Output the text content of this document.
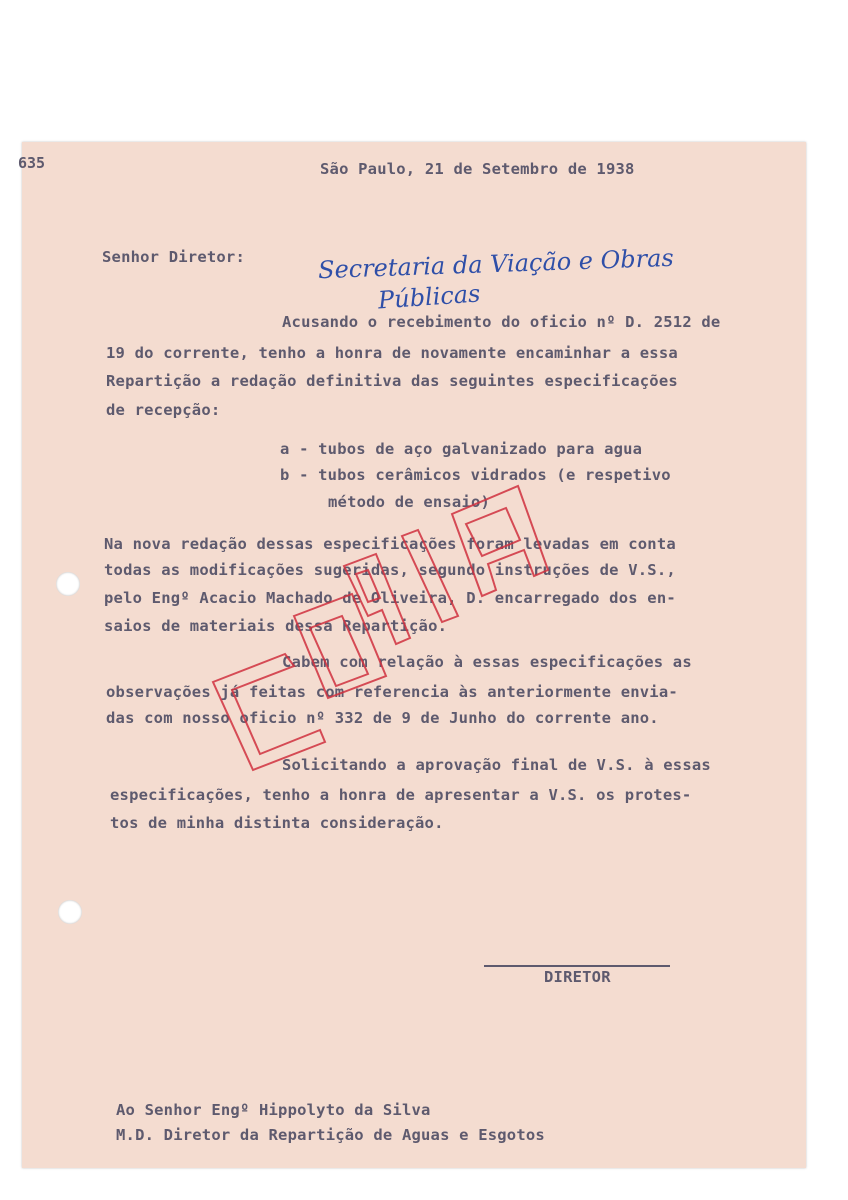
635	São Paulo, 21 de Setembro de 1938
Senhor Diretor:	Secretaria da Viação e Obras
Públicas
Acusando o recebimento do oficio nº D. 2512 de
19 do corrente, tenho a honra de novamente encaminhar a essa
Repartição a redação definitiva das seguintes especificações
de recepção:
a - tubos de aço galvanizado para agua
b - tubos cerâmicos vidrados (e respetivo
método de ensaio)
Na nova redação dessas especificações foram levadas em conta
todas as modificações sugeridas, segundo instruções de V.S.,
pelo Engº Acacio Machado de Oliveira, D. encarregado dos en-
saios de materiais dessa Repartição.
Cabem com relação à essas especificações as
observações já feitas com referencia às anteriormente envia-
das com nosso oficio nº 332 de 9 de Junho do corrente ano.
Solicitando a aprovação final de V.S. à essas
especificações, tenho a honra de apresentar a V.S. os protes-
tos de minha distinta consideração.
DIRETOR
Ao Senhor Engº Hippolyto da Silva
M.D. Diretor da Repartição de Aguas e Esgotos
